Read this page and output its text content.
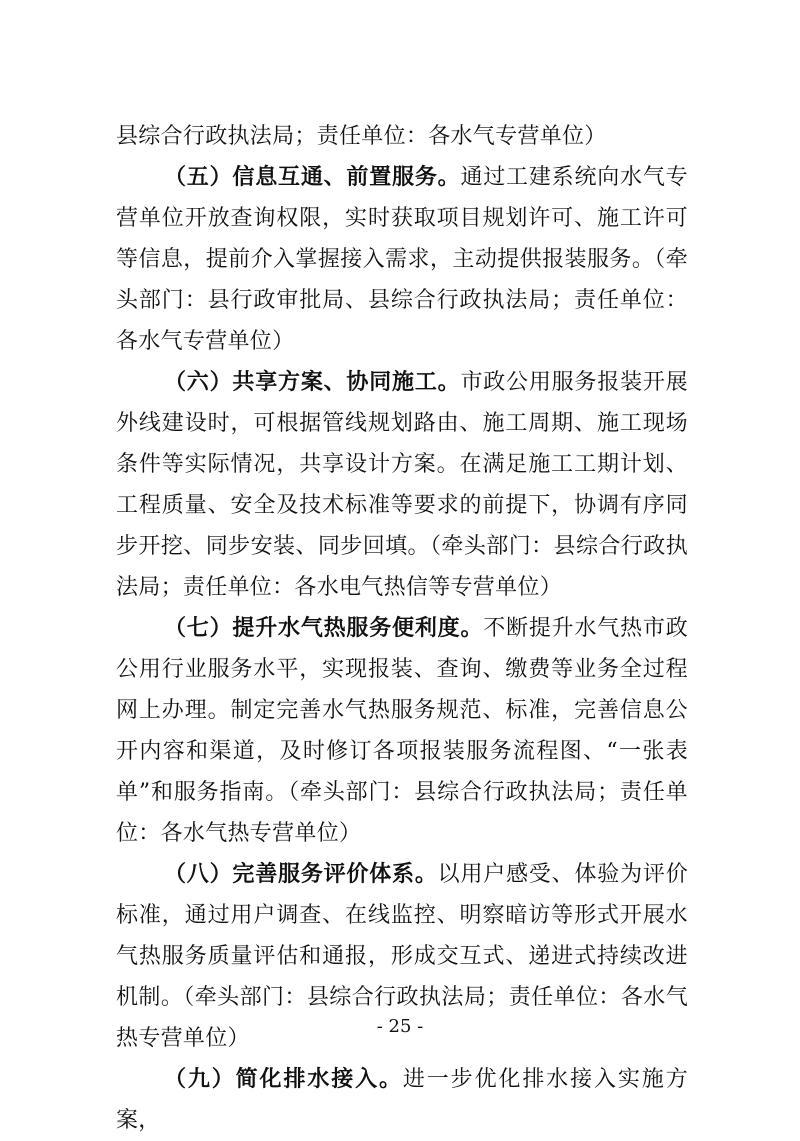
县综合行政执法局；责任单位：各水气专营单位）

（五）信息互通、前置服务。通过工建系统向水气专营单位开放查询权限，实时获取项目规划许可、施工许可等信息，提前介入掌握接入需求，主动提供报装服务。（牵头部门：县行政审批局、县综合行政执法局；责任单位：各水气专营单位）

（六）共享方案、协同施工。市政公用服务报装开展外线建设时，可根据管线规划路由、施工周期、施工现场条件等实际情况，共享设计方案。在满足施工工期计划、工程质量、安全及技术标准等要求的前提下，协调有序同步开挖、同步安装、同步回填。（牵头部门：县综合行政执法局；责任单位：各水电气热信等专营单位）

（七）提升水气热服务便利度。不断提升水气热市政公用行业服务水平，实现报装、查询、缴费等业务全过程网上办理。制定完善水气热服务规范、标准，完善信息公开内容和渠道，及时修订各项报装服务流程图、“一张表单”和服务指南。（牵头部门：县综合行政执法局；责任单位：各水气热专营单位）

（八）完善服务评价体系。以用户感受、体验为评价标准，通过用户调查、在线监控、明察暗访等形式开展水气热服务质量评估和通报，形成交互式、递进式持续改进机制。（牵头部门：县综合行政执法局；责任单位：各水气热专营单位）

（九）简化排水接入。进一步优化排水接入实施方案，

- 25 -
